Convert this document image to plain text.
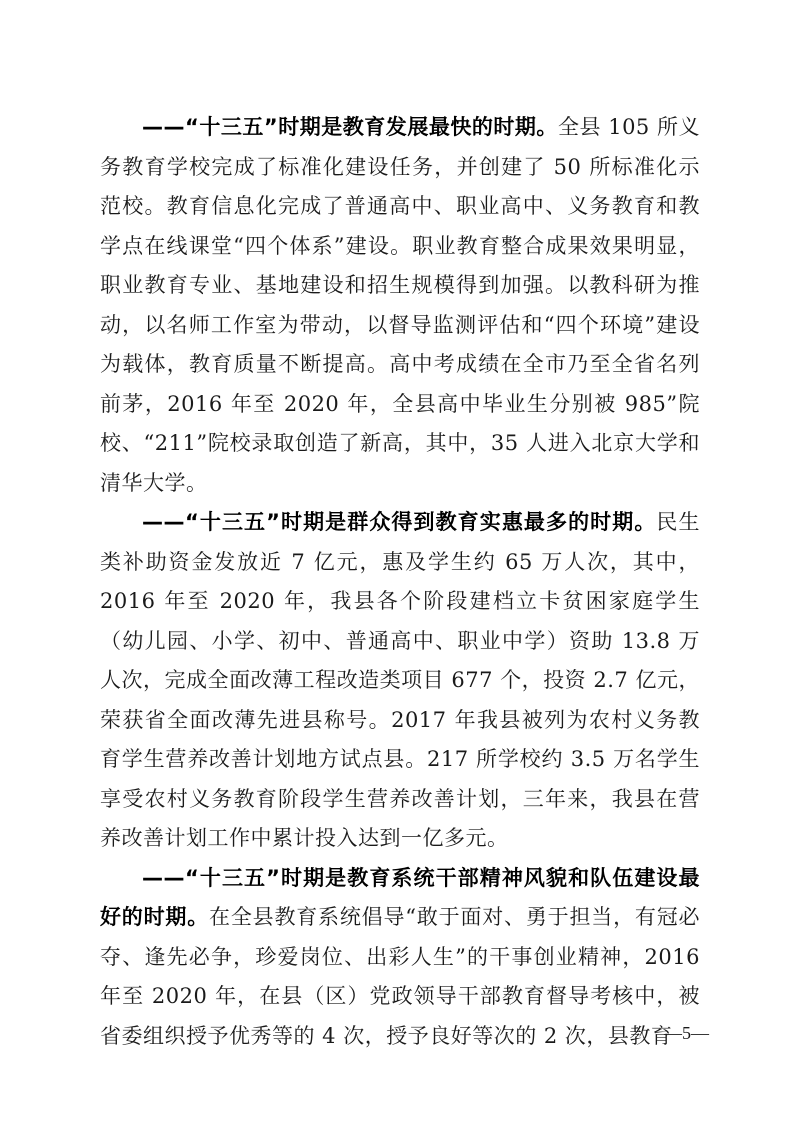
——“十三五”时期是教育发展最快的时期。全县 105 所义务教育学校完成了标准化建设任务，并创建了 50 所标准化示范校。教育信息化完成了普通高中、职业高中、义务教育和教学点在线课堂“四个体系”建设。职业教育整合成果效果明显，职业教育专业、基地建设和招生规模得到加强。以教科研为推动，以名师工作室为带动，以督导监测评估和“四个环境”建设为载体，教育质量不断提高。高中考成绩在全市乃至全省名列前茅，2016 年至 2020 年，全县高中毕业生分别被 985”院校、“211”院校录取创造了新高，其中，35 人进入北京大学和清华大学。

——“十三五”时期是群众得到教育实惠最多的时期。民生类补助资金发放近 7 亿元，惠及学生约 65 万人次，其中，2016 年至 2020 年，我县各个阶段建档立卡贫困家庭学生（幼儿园、小学、初中、普通高中、职业中学）资助 13.8 万人次，完成全面改薄工程改造类项目 677 个，投资 2.7 亿元，荣获省全面改薄先进县称号。2017 年我县被列为农村义务教育学生营养改善计划地方试点县。217 所学校约 3.5 万名学生享受农村义务教育阶段学生营养改善计划，三年来，我县在营养改善计划工作中累计投入达到一亿多元。

——“十三五”时期是教育系统干部精神风貌和队伍建设最好的时期。在全县教育系统倡导“敢于面对、勇于担当，有冠必夺、逢先必争，珍爱岗位、出彩人生”的干事创业精神，2016 年至 2020 年，在县（区）党政领导干部教育督导考核中，被省委组织授予优秀等的 4 次，授予良好等次的 2 次，县教育

—5—
